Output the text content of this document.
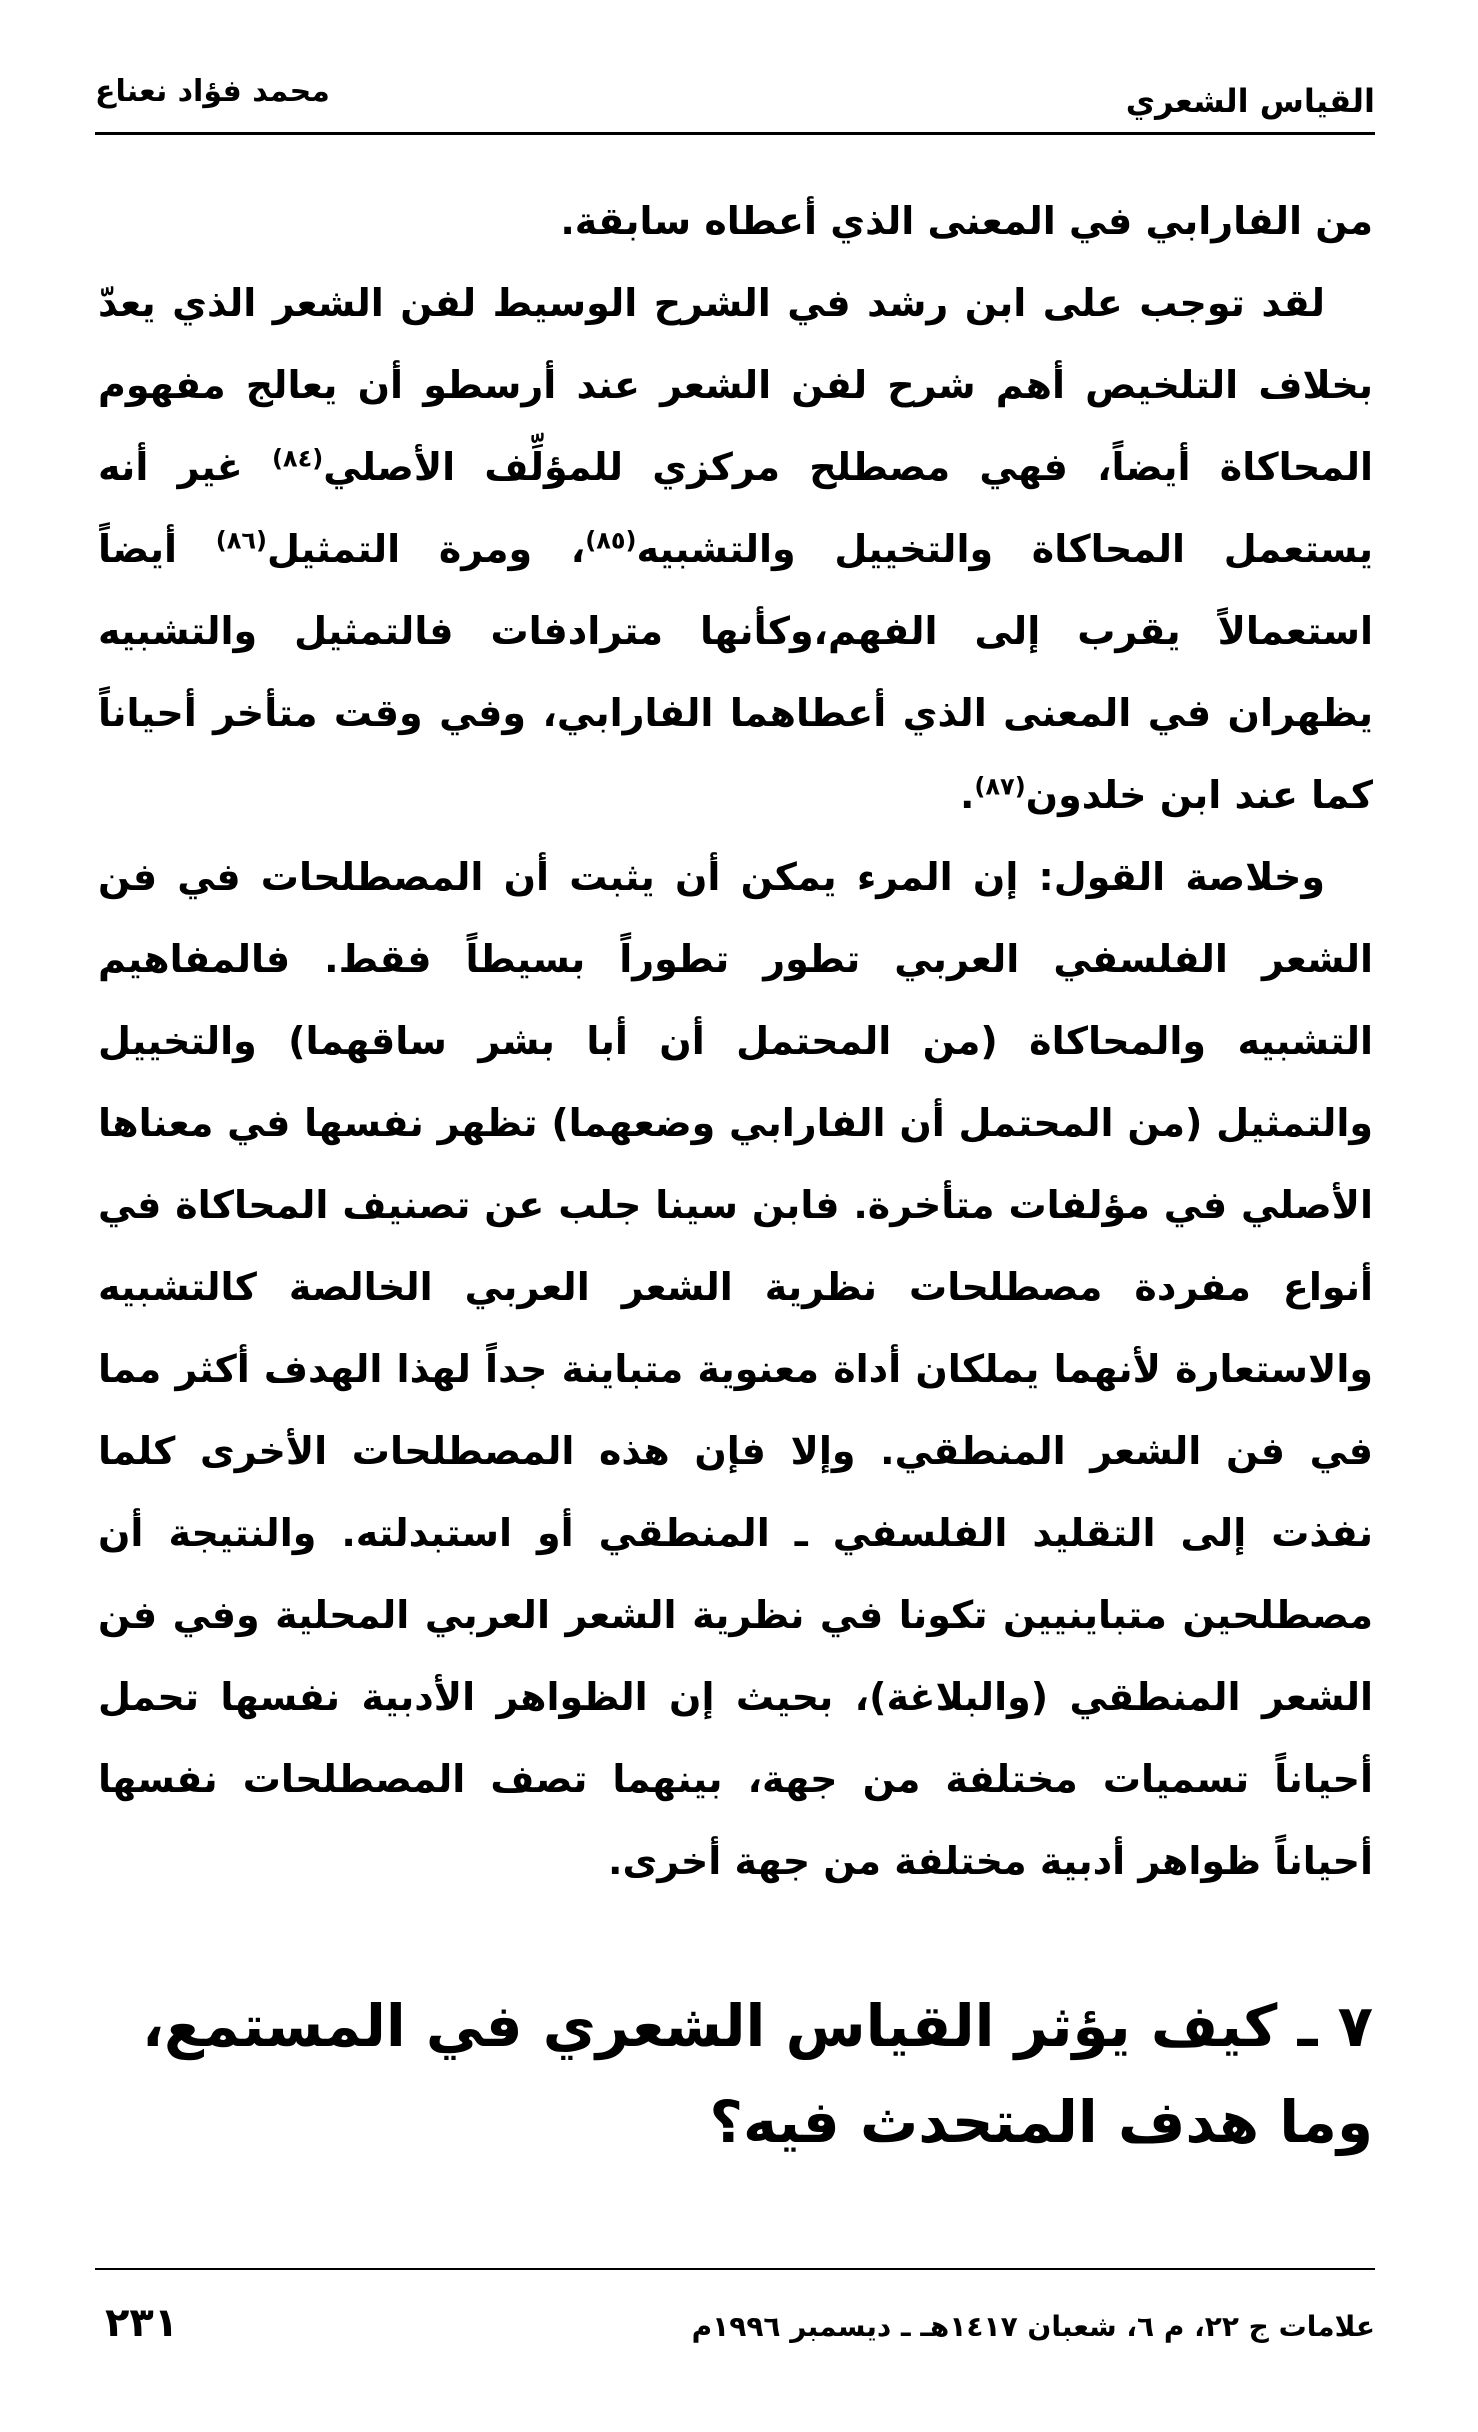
القياس الشعري
محمد فؤاد نعناع

من الفارابي في المعنى الذي أعطاه سابقة.

لقد توجب على ابن رشد في الشرح الوسيط لفن الشعر الذي يعدّ بخلاف التلخيص أهم شرح لفن الشعر عند أرسطو أن يعالج مفهوم المحاكاة أيضاً، فهي مصطلح مركزي للمؤلِّف الأصلي$^{(٨٤)}$ غير أنه يستعمل المحاكاة والتخييل والتشبيه$^{(٨٥)}$، ومرة التمثيل$^{(٨٦)}$ أيضاً استعمالاً يقرب إلى الفهم،وكأنها مترادفات فالتمثيل والتشبيه يظهران في المعنى الذي أعطاهما الفارابي، وفي وقت متأخر أحياناً كما عند ابن خلدون$^{(٨٧)}$.

وخلاصة القول: إن المرء يمكن أن يثبت أن المصطلحات في فن الشعر الفلسفي العربي تطور تطوراً بسيطاً فقط. فالمفاهيم التشبيه والمحاكاة (من المحتمل أن أبا بشر ساقهما) والتخييل والتمثيل (من المحتمل أن الفارابي وضعهما) تظهر نفسها في معناها الأصلي في مؤلفات متأخرة. فابن سينا جلب عن تصنيف المحاكاة في أنواع مفردة مصطلحات نظرية الشعر العربي الخالصة كالتشبيه والاستعارة لأنهما يملكان أداة معنوية متباينة جداً لهذا الهدف أكثر مما في فن الشعر المنطقي. وإلا فإن هذه المصطلحات الأخرى كلما نفذت إلى التقليد الفلسفي ـ المنطقي أو استبدلته. والنتيجة أن مصطلحين متباينيين تكونا في نظرية الشعر العربي المحلية وفي فن الشعر المنطقي (والبلاغة)، بحيث إن الظواهر الأدبية نفسها تحمل أحياناً تسميات مختلفة من جهة، بينهما تصف المصطلحات نفسها أحياناً ظواهر أدبية مختلفة من جهة أخرى.

٧ ـ كيف يؤثر القياس الشعري في المستمع، وما هدف المتحدث فيه؟
علامات ج ٢٢، م ٦، شعبان ١٤١٧هـ ـ ديسمبر ١٩٩٦م
٢٣١
